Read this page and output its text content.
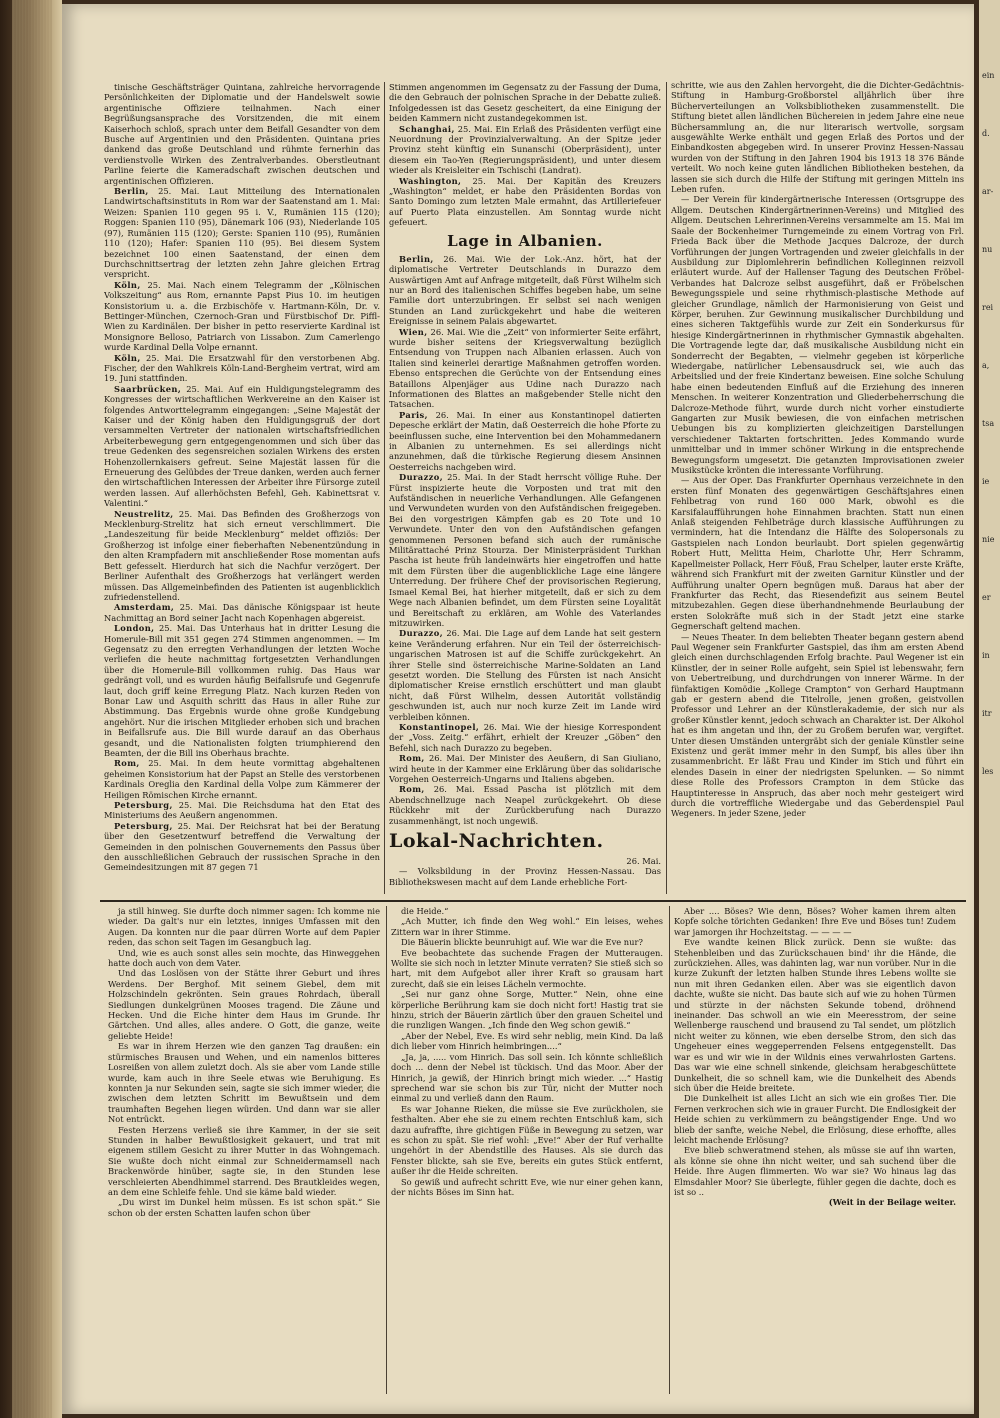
ein
d.
ar-
nu
rei
a,
tsa
ie
nie
er
in
itr
les

tinische Geschäftsträger Quintana, zahlreiche hervorragende Persönlichkeiten der Diplomatie und der Handelswelt sowie argentinische Offiziere teilnahmen. Nach einer Begrüßungsansprache des Vorsitzenden, die mit einem Kaiserhoch schloß, sprach unter dem Beifall Gesandter von dem Busche auf Argentinien und den Präsidenten. Quintana pries dankend das große Deutschland und rühmte fernerhin das verdienstvolle Wirken des Zentralverbandes. Oberstleutnant Parline feierte die Kameradschaft zwischen deutschen und argentinischen Offizieren.

Berlin, 25. Mai. Laut Mitteilung des Internationalen Landwirtschaftsinstituts in Rom war der Saatenstand am 1. Mai: Weizen: Spanien 110 gegen 95 i. V., Rumänien 115 (120); Roggen: Spanien 110 (95), Dänemark 106 (93), Niederlande 105 (97), Rumänien 115 (120); Gerste: Spanien 110 (95), Rumänien 110 (120); Hafer: Spanien 110 (95). Bei diesem System bezeichnet 100 einen Saatenstand, der einen dem Durchschnittsertrag der letzten zehn Jahre gleichen Ertrag verspricht.

Köln, 25. Mai. Nach einem Telegramm der „Kölnischen Volkszeitung“ aus Rom, ernannte Papst Pius 10. im heutigen Konsistorium u. a. die Erzbischöfe v. Hartmann-Köln, Dr. v. Bettinger-München, Czernoch-Gran und Fürstbischof Dr. Piffl-Wien zu Kardinälen. Der bisher in petto reservierte Kardinal ist Monsignore Belloso, Patriarch von Lissabon. Zum Camerlengo wurde Kardinal Della Volpe ernannt.

Köln, 25. Mai. Die Ersatzwahl für den verstorbenen Abg. Fischer, der den Wahlkreis Köln-Land-Bergheim vertrat, wird am 19. Juni stattfinden.

Saarbrücken, 25. Mai. Auf ein Huldigungstelegramm des Kongresses der wirtschaftlichen Werkvereine an den Kaiser ist folgendes Antworttelegramm eingegangen: „Seine Majestät der Kaiser und der König haben den Huldigungsgruß der dort versammelten Vertreter der nationalen wirtschaftsfriedlichen Arbeiterbewegung gern entgegengenommen und sich über das treue Gedenken des segensreichen sozialen Wirkens des ersten Hohenzollernkaisers gefreut. Seine Majestät lassen für die Erneuerung des Gelübdes der Treue danken, werden auch ferner den wirtschaftlichen Interessen der Arbeiter ihre Fürsorge zuteil werden lassen. Auf allerhöchsten Befehl, Geh. Kabinettsrat v. Valentini.“

Neustrelitz, 25. Mai. Das Befinden des Großherzogs von Mecklenburg-Strelitz hat sich erneut verschlimmert. Die „Landeszeitung für beide Mecklenburg“ meldet offiziös: Der Großherzog ist infolge einer fieberhaften Nebenentzündung in den alten Krampfadern mit anschließender Rose momentan aufs Bett gefesselt. Hierdurch hat sich die Nachfur verzögert. Der Berliner Aufenthalt des Großherzogs hat verlängert werden müssen. Das Allgemeinbefinden des Patienten ist augenblicklich zufriedenstellend.

Amsterdam, 25. Mai. Das dänische Königspaar ist heute Nachmittag an Bord seiner Jacht nach Kopenhagen abgereist.

London, 25. Mai. Das Unterhaus hat in dritter Lesung die Homerule-Bill mit 351 gegen 274 Stimmen angenommen. — Im Gegensatz zu den erregten Verhandlungen der letzten Woche verliefen die heute nachmittag fortgesetzten Verhandlungen über die Homerule-Bill vollkommen ruhig. Das Haus war gedrängt voll, und es wurden häufig Beifallsrufe und Gegenrufe laut, doch griff keine Erregung Platz. Nach kurzen Reden von Bonar Law und Asquith schritt das Haus in aller Ruhe zur Abstimmung. Das Ergebnis wurde ohne große Kundgebung angehört. Nur die irischen Mitglieder erhoben sich und brachen in Beifallsrufe aus. Die Bill wurde darauf an das Oberhaus gesandt, und die Nationalisten folgten triumphierend den Beamten, der die Bill ins Oberhaus brachte.

Rom, 25. Mai. In dem heute vormittag abgehaltenen geheimen Konsistorium hat der Papst an Stelle des verstorbenen Kardinals Oreglia den Kardinal della Volpe zum Kämmerer der Heiligen Römischen Kirche ernannt.

Petersburg, 25. Mai. Die Reichsduma hat den Etat des Ministeriums des Aeußern angenommen.

Petersburg, 25. Mai. Der Reichsrat hat bei der Beratung über den Gesetzentwurf betreffend die Verwaltung der Gemeinden in den polnischen Gouvernements den Passus über den ausschließlichen Gebrauch der russischen Sprache in den Gemeindesitzungen mit 87 gegen 71

Stimmen angenommen im Gegensatz zu der Fassung der Duma, die den Gebrauch der polnischen Sprache in der Debatte zuließ. Infolgedessen ist das Gesetz gescheitert, da eine Einigung der beiden Kammern nicht zustandegekommen ist.

Schanghai, 25. Mai. Ein Erlaß des Präsidenten verfügt eine Neuordnung der Provinzialverwaltung. An der Spitze jeder Provinz steht künftig ein Sunanschi (Oberpräsident), unter diesem ein Tao-Yen (Regierungspräsident), und unter diesem wieder als Kreisleiter ein Tschischi (Landrat).

Washington, 25. Mai. Der Kapitän des Kreuzers „Washington“ meldet, er habe den Präsidenten Bordas von Santo Domingo zum letzten Male ermahnt, das Artilleriefeuer auf Puerto Plata einzustellen. Am Sonntag wurde nicht gefeuert.

Lage in Albanien.

Berlin, 26. Mai. Wie der Lok.-Anz. hört, hat der diplomatische Vertreter Deutschlands in Durazzo dem Auswärtigen Amt auf Anfrage mitgeteilt, daß Fürst Wilhelm sich nur an Bord des italienischen Schiffes begeben habe, um seine Familie dort unterzubringen. Er selbst sei nach wenigen Stunden an Land zurückgekehrt und habe die weiteren Ereignisse in seinem Palais abgewartet.

Wien, 26. Mai. Wie die „Zeit“ von informierter Seite erfährt, wurde bisher seitens der Kriegsverwaltung bezüglich Entsendung von Truppen nach Albanien erlassen. Auch von Italien sind keinerlei derartige Maßnahmen getroffen worden. Ebenso entsprechen die Gerüchte von der Entsendung eines Bataillons Alpenjäger aus Udine nach Durazzo nach Informationen des Blattes an maßgebender Stelle nicht den Tatsachen.

Paris, 26. Mai. In einer aus Konstantinopel datierten Depesche erklärt der Matin, daß Oesterreich die hohe Pforte zu beeinflussen suche, eine Intervention bei den Mohammedanern in Albanien zu unternehmen. Es sei allerdings nicht anzunehmen, daß die türkische Regierung diesem Ansinnen Oesterreichs nachgeben wird.

Durazzo, 25. Mai. In der Stadt herrscht völlige Ruhe. Der Fürst inspizierte heute die Vorposten und trat mit den Aufständischen in neuerliche Verhandlungen. Alle Gefangenen und Verwundeten wurden von den Aufständischen freigegeben. Bei den vorgestrigen Kämpfen gab es 20 Tote und 10 Verwundete. Unter den von den Aufständischen gefangen genommenen Personen befand sich auch der rumänische Militärattaché Prinz Stourza. Der Ministerpräsident Turkhan Pascha ist heute früh landeinwärts hier eingetroffen und hatte mit dem Fürsten über die augenblickliche Lage eine längere Unterredung. Der frühere Chef der provisorischen Regierung, Ismael Kemal Bei, hat hierher mitgeteilt, daß er sich zu dem Wege nach Albanien befindet, um dem Fürsten seine Loyalität und Bereitschaft zu erklären, am Wohle des Vaterlandes mitzuwirken.

Durazzo, 26. Mai. Die Lage auf dem Lande hat seit gestern keine Veränderung erfahren. Nur ein Teil der österreichisch-ungarischen Matrosen ist auf die Schiffe zurückgekehrt. An ihrer Stelle sind österreichische Marine-Soldaten an Land gesetzt worden. Die Stellung des Fürsten ist nach Ansicht diplomatischer Kreise ernstlich erschüttert und man glaubt nicht, daß Fürst Wilhelm, dessen Autorität vollständig geschwunden ist, auch nur noch kurze Zeit im Lande wird verbleiben können.

Konstantinopel, 26. Mai. Wie der hiesige Korrespondent der „Voss. Zeitg.“ erfährt, erhielt der Kreuzer „Göben“ den Befehl, sich nach Durazzo zu begeben.

Rom, 26. Mai. Der Minister des Aeußern, di San Giuliano, wird heute in der Kammer eine Erklärung über das solidarische Vorgehen Oesterreich-Ungarns und Italiens abgeben.

Rom, 26. Mai. Essad Pascha ist plötzlich mit dem Abendschnellzuge nach Neapel zurückgekehrt. Ob diese Rückkehr mit der Zurückberufung nach Durazzo zusammenhängt, ist noch ungewiß.

Lokal-Nachrichten.

26. Mai.

— Volksbildung in der Provinz Hessen-Nassau. Das Bibliothekswesen macht auf dem Lande erhebliche Fort-

schritte, wie aus den Zahlen hervorgeht, die die Dichter-Gedächtnis-Stiftung in Hamburg-Großborstel alljährlich über ihre Bücherverteilungen an Volksbibliotheken zusammenstellt. Die Stiftung bietet allen ländlichen Büchereien in jedem Jahre eine neue Büchersammlung an, die nur literarisch wertvolle, sorgsam ausgewählte Werke enthält und gegen Erlaß des Portos und der Einbandkosten abgegeben wird. In unserer Provinz Hessen-Nassau wurden von der Stiftung in den Jahren 1904 bis 1913 18 376 Bände verteilt. Wo noch keine guten ländlichen Bibliotheken bestehen, da lassen sie sich durch die Hilfe der Stiftung mit geringen Mitteln ins Leben rufen.

— Der Verein für kindergärtnerische Interessen (Ortsgruppe des Allgem. Deutschen Kindergärtnerinnen-Vereins) und Mitglied des Allgem. Deutschen Lehrerinnen-Vereins versammelte am 15. Mai im Saale der Bockenheimer Turngemeinde zu einem Vortrag von Frl. Frieda Back über die Methode Jacques Dalcroze, der durch Vorführungen der jungen Vortragenden und zweier gleichfalls in der Ausbildung zur Diplomlehrerin befindlichen Kolleginnen reizvoll erläutert wurde. Auf der Hallenser Tagung des Deutschen Fröbel-Verbandes hat Dalcroze selbst ausgeführt, daß er Fröbelschen Bewegungsspiele und seine rhythmisch-plastische Methode auf gleicher Grundlage, nämlich der Harmonisierung von Geist und Körper, beruhen. Zur Gewinnung musikalischer Durchbildung und eines sicheren Taktgefühls wurde zur Zeit ein Sonderkursus für hiesige Kindergärtnerinnen in rhythmischer Gymnastik abgehalten. Die Vortragende legte dar, daß musikalische Ausbildung nicht ein Sonderrecht der Begabten, — vielmehr gegeben ist körperliche Wiedergabe, natürlicher Lebensausdruck sei, wie auch das Arbeitslied und der freie Kindertanz beweisen. Eine solche Schulung habe einen bedeutenden Einfluß auf die Erziehung des inneren Menschen. In weiterer Konzentration und Gliederbeherrschung die Dalcroze-Methode führt, wurde durch nicht vorher einstudierte Gangarten zur Musik bewiesen, die von einfachen metrischen Uebungen bis zu komplizierten gleichzeitigen Darstellungen verschiedener Taktarten fortschritten. Jedes Kommando wurde unmittelbar und in immer schöner Wirkung in die entsprechende Bewegungsform umgesetzt. Die getanzten Improvisationen zweier Musikstücke krönten die interessante Vorführung.

— Aus der Oper. Das Frankfurter Opernhaus verzeichnete in den ersten fünf Monaten des gegenwärtigen Geschäftsjahres einen Fehlbetrag von rund 160 000 Mark, obwohl es die Karsifalaufführungen hohe Einnahmen brachten. Statt nun einen Anlaß steigenden Fehlbeträge durch klassische Aufführungen zu vermindern, hat die Intendanz die Hälfte des Solopersonals zu Gastspielen nach London beurlaubt. Dort spielen gegenwärtig Robert Hutt, Melitta Heim, Charlotte Uhr, Herr Schramm, Kapellmeister Pollack, Herr Föuß, Frau Schelper, lauter erste Kräfte, während sich Frankfurt mit der zweiten Garnitur Künstler und der Aufführung unalter Opern begnügen muß. Daraus hat aber der Frankfurter das Recht, das Riesendefizit aus seinem Beutel mitzubezahlen. Gegen diese überhandnehmende Beurlaubung der ersten Solokräfte muß sich in der Stadt jetzt eine starke Gegnerschaft geltend machen.

— Neues Theater. In dem beliebten Theater begann gestern abend Paul Wegener sein Frankfurter Gastspiel, das ihm am ersten Abend gleich einen durchschlagenden Erfolg brachte. Paul Wegener ist ein Künstler, der in seiner Rolle aufgeht, sein Spiel ist lebenswahr, fern von Uebertreibung, und durchdrungen von innerer Wärme. In der fünfaktigen Komödie „Kollege Crampton“ von Gerhard Hauptmann gab er gestern abend die Titelrolle, jenen großen, geistvollen Professor und Lehrer an der Künstlerakademie, der sich nur als großer Künstler kennt, jedoch schwach an Charakter ist. Der Alkohol hat es ihm angetan und ihn, der zu Großem berufen war, vergiftet. Unter diesen Umständen untergräbt sich der geniale Künstler seine Existenz und gerät immer mehr in den Sumpf, bis alles über ihn zusammenbricht. Er läßt Frau und Kinder im Stich und führt ein elendes Dasein in einer der niedrigsten Spelunken. — So nimmt diese Rolle des Professors Crampton in dem Stücke das Hauptinteresse in Anspruch, das aber noch mehr gesteigert wird durch die vortreffliche Wiedergabe und das Geberdenspiel Paul Wegeners. In jeder Szene, jeder

ja still hinweg. Sie durfte doch nimmer sagen: Ich komme nie wieder. Da galt's nur ein letztes, inniges Umfassen mit den Augen. Da konnten nur die paar dürren Worte auf dem Papier reden, das schon seit Tagen im Gesangbuch lag.

Und, wie es auch sonst alles sein mochte, das Hinweggehen hatte doch auch von dem Vater.

Und das Loslösen von der Stätte ihrer Geburt und ihres Werdens. Der Berghof. Mit seinem Giebel, dem mit Holzschindeln gekrönten. Sein graues Rohrdach, überall Siedlungen dunkelgrünen Mooses tragend. Die Zäune und Hecken. Und die Eiche hinter dem Haus im Grunde. Ihr Gärtchen. Und alles, alles andere. O Gott, die ganze, weite geliebte Heide!

Es war in ihrem Herzen wie den ganzen Tag draußen: ein stürmisches Brausen und Wehen, und ein namenlos bitteres Losreißen von allem zuletzt doch. Als sie aber vom Lande stille wurde, kam auch in ihre Seele etwas wie Beruhigung. Es konnten ja nur Sekunden sein, sagte sie sich immer wieder, die zwischen dem letzten Schritt im Bewußtsein und dem traumhaften Begehen liegen würden. Und dann war sie aller Not entrückt.

Festen Herzens verließ sie ihre Kammer, in der sie seit Stunden in halber Bewußtlosigkeit gekauert, und trat mit eigenem stillem Gesicht zu ihrer Mutter in das Wohngemach. Sie wußte doch nicht einmal zur Schneidermamsell nach Brackenwörde hinüber, sagte sie, in den Stunden lese verschleierten Abendhimmel starrend. Des Brautkleides wegen, an dem eine Schleife fehle. Und sie käme bald wieder.

„Du wirst im Dunkel heim müssen. Es ist schon spät.“ Sie schon ob der ersten Schatten laufen schon über

die Heide.“

„Ach Mutter, ich finde den Weg wohl.“ Ein leises, wehes Zittern war in ihrer Stimme.

Die Bäuerin blickte beunruhigt auf. Wie war die Eve nur?

Eve beobachtete das suchende Fragen der Mutteraugen. Wollte sie sich noch in letzter Minute verraten? Sie stieß sich so hart, mit dem Aufgebot aller ihrer Kraft so grausam hart zurecht, daß sie ein leises Lächeln vermochte.

„Sei nur ganz ohne Sorge, Mutter.“ Nein, ohne eine körperliche Berührung kam sie doch nicht fort! Hastig trat sie hinzu, strich der Bäuerin zärtlich über den grauen Scheitel und die runzligen Wangen. „Ich finde den Weg schon gewiß.“

„Aber der Nebel, Eve. Es wird sehr neblig, mein Kind. Da laß dich lieber vom Hinrich heimbringen....“

„Ja, ja, ..... vom Hinrich. Das soll sein. Ich könnte schließlich doch ... denn der Nebel ist tückisch. Und das Moor. Aber der Hinrich, ja gewiß, der Hinrich bringt mich wieder. ...“ Hastig sprechend war sie schon bis zur Tür, nicht der Mutter noch einmal zu und verließ dann den Raum.

Es war Johanne Rieken, die müsse sie Eve zurückholen, sie festhalten. Aber ehe sie zu einem rechten Entschluß kam, sich dazu aufraffte, ihre gichtigen Füße in Bewegung zu setzen, war es schon zu spät. Sie rief wohl: „Eve!“ Aber der Ruf verhallte ungehört in der Abendstille des Hauses. Als sie durch das Fenster blickte, sah sie Eve, bereits ein gutes Stück entfernt, außer ihr die Heide schreiten.

So gewiß und aufrecht schritt Eve, wie nur einer gehen kann, der nichts Böses im Sinn hat.

Aber .... Böses? Wie denn, Böses? Woher kamen ihrem alten Kopfe solche törichten Gedanken! Ihre Eve und Böses tun! Zudem war jamorgen ihr Hochzeitstag. — — — —

Eve wandte keinen Blick zurück. Denn sie wußte: das Stehenbleiben und das Zurückschauen bind' ihr die Hände, die zurückziehen. Alles, was dahinten lag, war nun vorüber. Nur in die kurze Zukunft der letzten halben Stunde ihres Lebens wollte sie nun mit ihren Gedanken eilen. Aber was sie eigentlich davon dachte, wußte sie nicht. Das baute sich auf wie zu hohen Türmen und stürzte in der nächsten Sekunde tobend, dröhnend ineinander. Das schwoll an wie ein Meeresstrom, der seine Wellenberge rauschend und brausend zu Tal sendet, um plötzlich nicht weiter zu können, wie eben derselbe Strom, den sich das Ungeheuer eines weggeperrenden Felsens entgegenstellt. Das war es und wir wie in der Wildnis eines verwahrlosten Gartens. Das war wie eine schnell sinkende, gleichsam herabgeschüttete Dunkelheit, die so schnell kam, wie die Dunkelheit des Abends sich über die Heide breitete.

Die Dunkelheit ist alles Licht an sich wie ein großes Tier. Die Fernen verkrochen sich wie in grauer Furcht. Die Endlosigkeit der Heide schien zu verkümmern zu beängstigender Enge. Und wo blieb der sanfte, weiche Nebel, die Erlösung, diese erhoffte, alles leicht machende Erlösung?

Eve blieb schweratmend stehen, als müsse sie auf ihn warten, als könne sie ohne ihn nicht weiter, und sah suchend über die Heide. Ihre Augen flimmerten. Wo war sie? Wo hinaus lag das Elmsdahler Moor? Sie überlegte, fühler gegen die dachte, doch es ist so ..

(Weit in der Beilage weiter.
